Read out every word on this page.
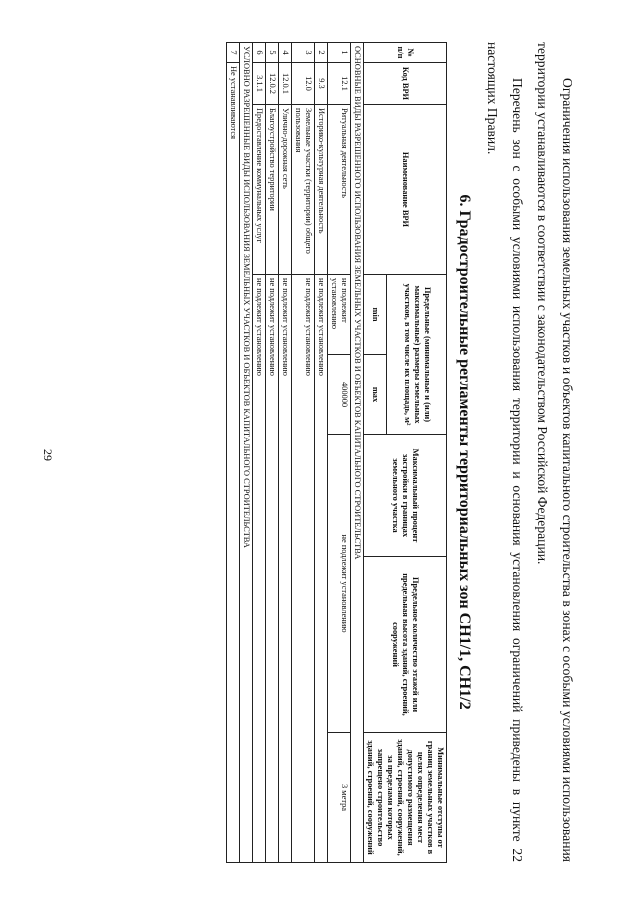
29	Ограничения использования земельных участков и объектов капитального строительства в зонах с особыми условиями использования территории устанавливаются в соответствии с законодательством Российской Федерации.

Перечень зон с особыми условиями использования территории и основания установления ограничений приведены в пункте 22 настоящих Правил.

6. Градостроительные регламенты территориальных зон СН1/1, СН1/2
№ п/п	Код ВРИ	Наименование ВРИ	Предельные (минимальные и (или) максимальные) размеры земельных участков, в том числе их площадь, м²		Максимальный процент застройки в границах земельного участка	Предельное количество этажей или предельная высота зданий, строений, сооружений	Минимальные отступы от границ земельных участков в целях определения мест допустимого размещения зданий, строений, сооружений, за пределами которых запрещено строительство зданий, строений, сооружений
			min	max			
ОСНОВНЫЕ ВИДЫ РАЗРЕШЕННОГО ИСПОЛЬЗОВАНИЯ ЗЕМЕЛЬНЫХ УЧАСТКОВ И ОБЪЕКТОВ КАПИТАЛЬНОГО СТРОИТЕЛЬСТВА							
1	12.1	Ритуальная деятельность	не подлежит установлению	400000	не подлежит установлению		3 метра
2	9.3	Историко-культурная деятельность	не подлежит установлению				
3	12.0	Земельные участки (территории) общего пользования	не подлежит установлению				
4	12.0.1	Улично-дорожная сеть	не подлежит установлению				
5	12.0.2	Благоустройство территории	не подлежит установлению				
6	3.1.1	Предоставление коммунальных услуг	не подлежит установлению				
УСЛОВНО РАЗРЕШЕННЫЕ ВИДЫ ИСПОЛЬЗОВАНИЯ ЗЕМЕЛЬНЫХ УЧАСТКОВ И ОБЪЕКТОВ КАПИТАЛЬНОГО СТРОИТЕЛЬСТВА							
7	Не устанавливаются						
